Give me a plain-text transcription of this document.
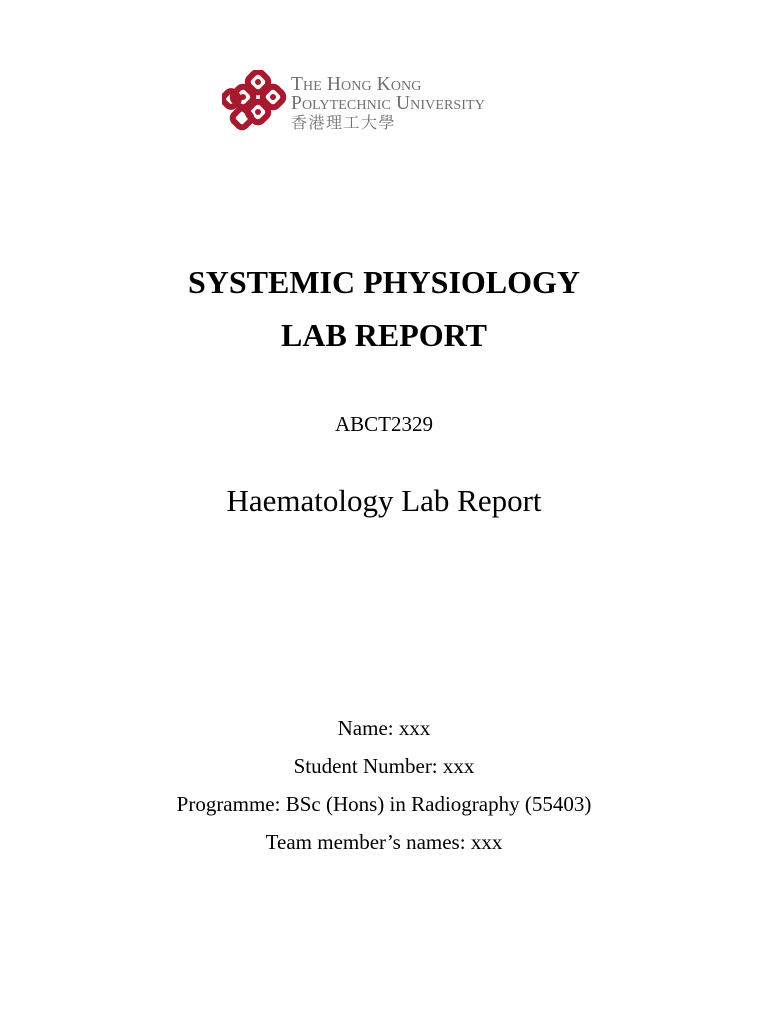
The Hong Kong
Polytechnic University
香港理工大學
SYSTEMIC PHYSIOLOGY
LAB REPORT
ABCT2329
Haematology Lab Report
Name: xxx
Student Number: xxx
Programme: BSc (Hons) in Radiography (55403)
Team member’s names: xxx
